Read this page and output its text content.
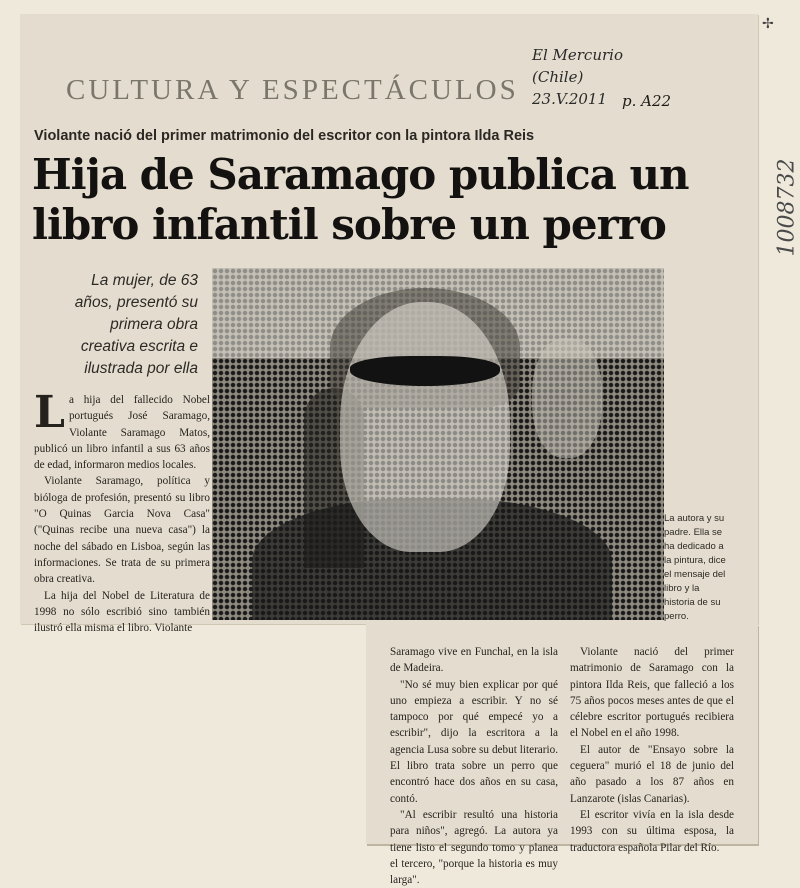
CULTURA Y ESPECTÁCULOS
El Mercurio
(Chile)
23.V.2011 p. A22
1008732
✢
Violante nació del primer matrimonio del escritor con la pintora Ilda Reis
Hija de Saramago publica un libro infantil sobre un perro
La mujer, de 63 años, presentó su primera obra creativa escrita e ilustrada por ella
La autora y su padre. Ella se ha dedicado a la pintura, dice el mensaje del libro y la historia de su perro.

La hija del fallecido Nobel portugués José Saramago, Violante Saramago Matos, publicó un libro infantil a sus 63 años de edad, informaron medios locales.

Violante Saramago, política y bióloga de profesión, presentó su libro "O Quinas Garcia Nova Casa" ("Quinas recibe una nueva casa") la noche del sábado en Lisboa, según las informaciones. Se trata de su primera obra creativa.

La hija del Nobel de Literatura de 1998 no sólo escribió sino también ilustró ella misma el libro. Violante

Saramago vive en Funchal, en la isla de Madeira.

"No sé muy bien explicar por qué uno empieza a escribir. Y no sé tampoco por qué empecé yo a escribir", dijo la escritora a la agencia Lusa sobre su debut literario. El libro trata sobre un perro que encontró hace dos años en su casa, contó.

"Al escribir resultó una historia para niños", agregó. La autora ya tiene listo el segundo tomo y planea el tercero, "porque la historia es muy larga".

Violante nació del primer matrimonio de Saramago con la pintora Ilda Reis, que falleció a los 75 años pocos meses antes de que el célebre escritor portugués recibiera el Nobel en el año 1998.

El autor de "Ensayo sobre la ceguera" murió el 18 de junio del año pasado a los 87 años en Lanzarote (islas Canarias).

El escritor vivía en la isla desde 1993 con su última esposa, la traductora española Pilar del Río.
